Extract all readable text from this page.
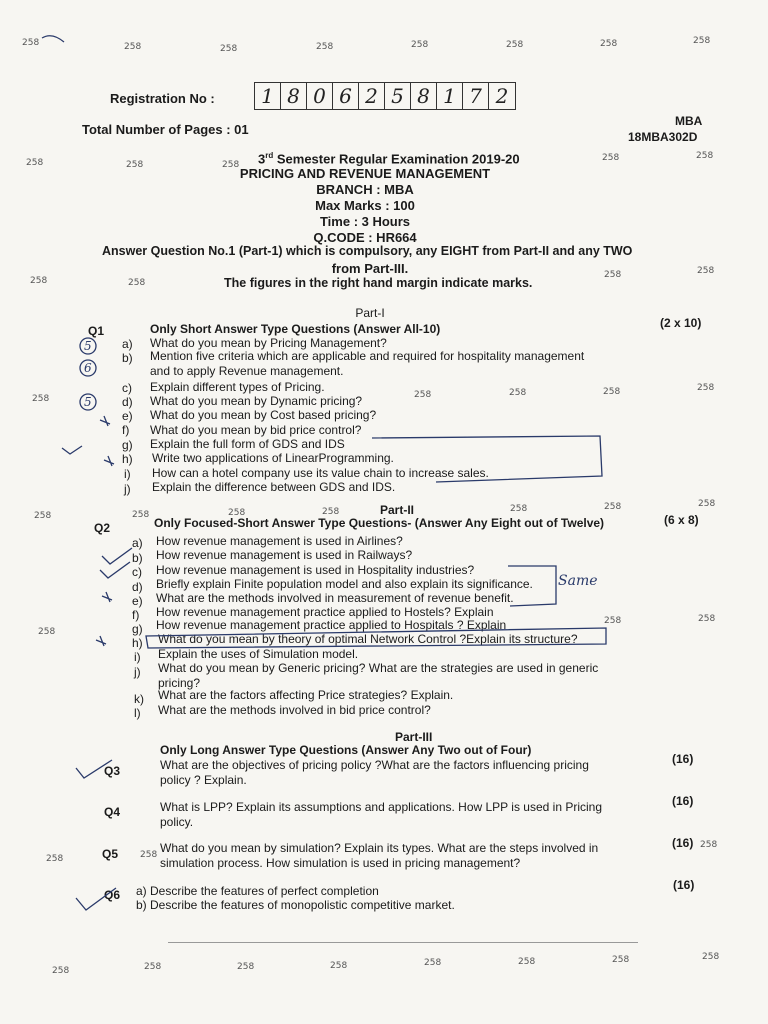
258	258	258	258	258	258	258	258
258	258	258
258	258
258	258
258	258
258	258	258	258	258
258	258	258	258	258	258	258
258
258	258
258	258
258
258	258	258	258	258	258	258	258
Registration No :	1 8 0 6 2 5 8 1 7 2
Total Number of Pages : 01
MBA
18MBA302D
3rd Semester Regular Examination 2019-20
PRICING AND REVENUE MANAGEMENT
BRANCH : MBA
Max Marks : 100
Time : 3 Hours
Q.CODE : HR664
Answer Question No.1 (Part-1) which is compulsory, any EIGHT from Part-II and any TWO
from Part-III.
The figures in the right hand margin indicate marks.
Part-I
Q1	Only Short Answer Type Questions (Answer All-10)	(2 x 10)
a) What do you mean by Pricing Management?
b) Mention five criteria which are applicable and required for hospitality management
and to apply Revenue management.
c) Explain different types of Pricing.
d) What do you mean by Dynamic pricing?
e) What do you mean by Cost based pricing?
f) What do you mean by bid price control?
g) Explain the full form of GDS and IDS
h) Write two applications of LinearProgramming.
i) How can a hotel company use its value chain to increase sales.
j) Explain the difference between GDS and IDS.
Part-II
Q2	Only Focused-Short Answer Type Questions- (Answer Any Eight out of Twelve)	(6 x 8)
a) How revenue management is used in Airlines?
b) How revenue management is used in Railways?
c) How revenue management is used in Hospitality industries?
d) Briefly explain Finite population model and also explain its significance.
e) What are the methods involved in measurement of revenue benefit.
f) How revenue management practice applied to Hostels? Explain
g) How revenue management practice applied to Hospitals ? Explain
h) What do you mean by theory of optimal Network Control ?Explain its structure?
i) Explain the uses of Simulation model.
j) What do you mean by Generic pricing? What are the strategies are used in generic
pricing?
k) What are the factors affecting Price strategies? Explain.
l) What are the methods involved in bid price control?
Part-III
Only Long Answer Type Questions (Answer Any Two out of Four)
Q3	What are the objectives of pricing policy ?What are the factors influencing pricing
policy ? Explain.
(16)
Q4	What is LPP? Explain its assumptions and applications. How LPP is used in Pricing
policy.
(16)
Q5	What do you mean by simulation? Explain its types. What are the steps involved in
simulation process. How simulation is used in pricing management?
(16)
Q6 a) Describe the features of perfect completion
b) Describe the features of monopolistic competitive market.
(16)
Same
5
6
5
